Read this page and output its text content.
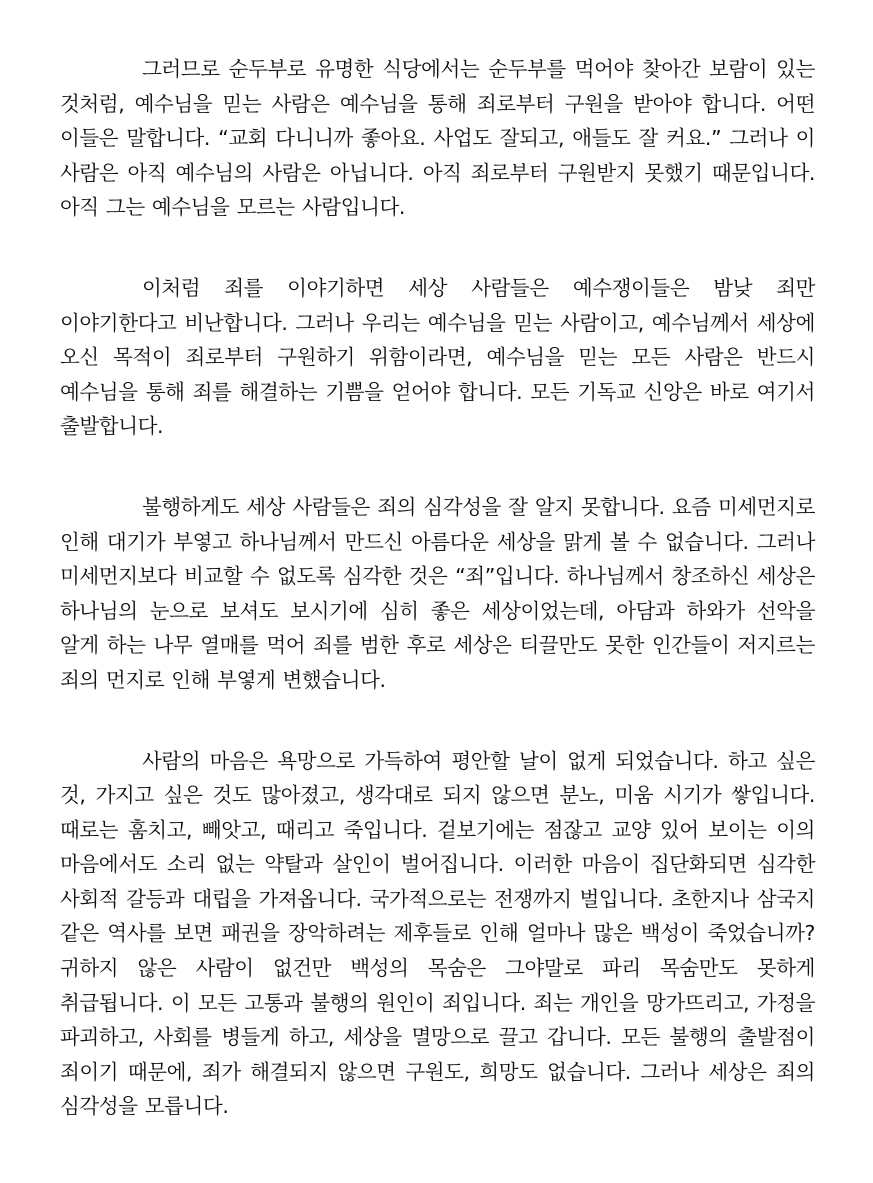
그러므로 순두부로 유명한 식당에서는 순두부를 먹어야 찾아간 보람이 있는 것처럼, 예수님을 믿는 사람은 예수님을 통해 죄로부터 구원을 받아야 합니다. 어떤 이들은 말합니다. “교회 다니니까 좋아요. 사업도 잘되고, 애들도 잘 커요.” 그러나 이 사람은 아직 예수님의 사람은 아닙니다. 아직 죄로부터 구원받지 못했기 때문입니다. 아직 그는 예수님을 모르는 사람입니다.

이처럼 죄를 이야기하면 세상 사람들은 예수쟁이들은 밤낮 죄만 이야기한다고 비난합니다. 그러나 우리는 예수님을 믿는 사람이고, 예수님께서 세상에 오신 목적이 죄로부터 구원하기 위함이라면, 예수님을 믿는 모든 사람은 반드시 예수님을 통해 죄를 해결하는 기쁨을 얻어야 합니다. 모든 기독교 신앙은 바로 여기서 출발합니다.

불행하게도 세상 사람들은 죄의 심각성을 잘 알지 못합니다. 요즘 미세먼지로 인해 대기가 부옇고 하나님께서 만드신 아름다운 세상을 맑게 볼 수 없습니다. 그러나 미세먼지보다 비교할 수 없도록 심각한 것은 “죄”입니다. 하나님께서 창조하신 세상은 하나님의 눈으로 보셔도 보시기에 심히 좋은 세상이었는데, 아담과 하와가 선악을 알게 하는 나무 열매를 먹어 죄를 범한 후로 세상은 티끌만도 못한 인간들이 저지르는 죄의 먼지로 인해 부옇게 변했습니다.

사람의 마음은 욕망으로 가득하여 평안할 날이 없게 되었습니다. 하고 싶은 것, 가지고 싶은 것도 많아졌고, 생각대로 되지 않으면 분노, 미움 시기가 쌓입니다. 때로는 훔치고, 빼앗고, 때리고 죽입니다. 겉보기에는 점잖고 교양 있어 보이는 이의 마음에서도 소리 없는 약탈과 살인이 벌어집니다. 이러한 마음이 집단화되면 심각한 사회적 갈등과 대립을 가져옵니다. 국가적으로는 전쟁까지 벌입니다. 초한지나 삼국지 같은 역사를 보면 패권을 장악하려는 제후들로 인해 얼마나 많은 백성이 죽었습니까? 귀하지 않은 사람이 없건만 백성의 목숨은 그야말로 파리 목숨만도 못하게 취급됩니다. 이 모든 고통과 불행의 원인이 죄입니다. 죄는 개인을 망가뜨리고, 가정을 파괴하고, 사회를 병들게 하고, 세상을 멸망으로 끌고 갑니다. 모든 불행의 출발점이 죄이기 때문에, 죄가 해결되지 않으면 구원도, 희망도 없습니다. 그러나 세상은 죄의 심각성을 모릅니다.
